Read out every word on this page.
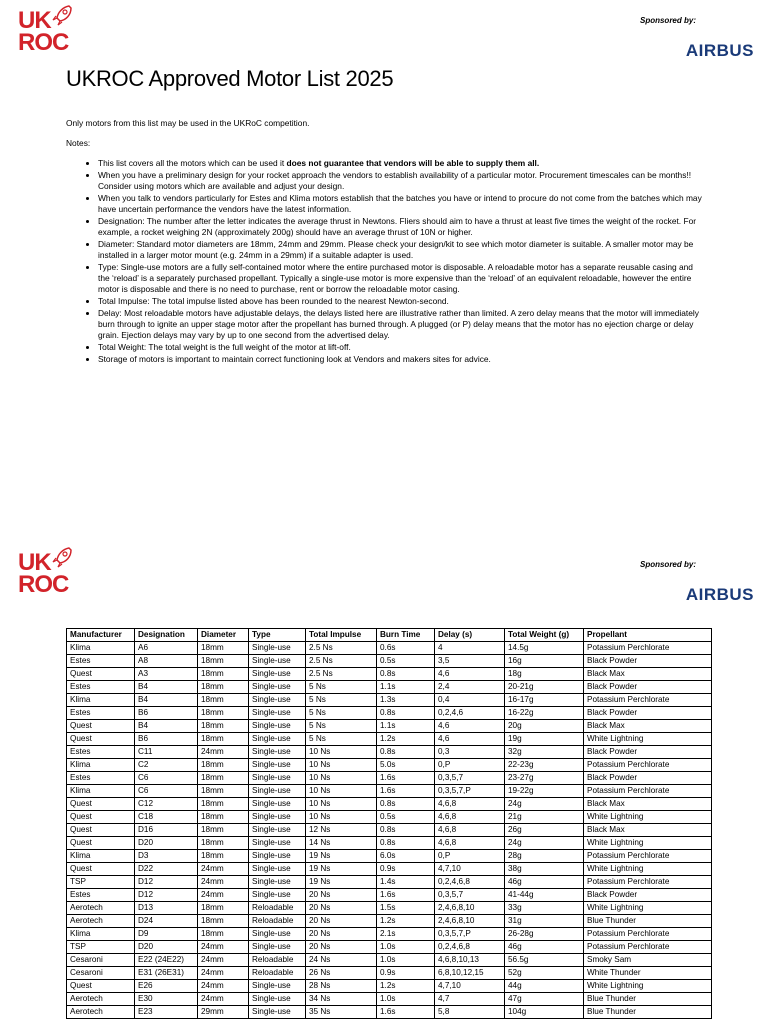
UK
ROC
Sponsored by:
AIRBUS
UKROC Approved Motor List 2025

Only motors from this list may be used in the UKRoC competition.

Notes:

• This list covers all the motors which can be used it does not guarantee that vendors will be able to supply them all.
• When you have a preliminary design for your rocket approach the vendors to establish availability of a particular motor. Procurement timescales can be months!! Consider using motors which are available and adjust your design.
• When you talk to vendors particularly for Estes and Klima motors establish that the batches you have or intend to procure do not come from the batches which may have uncertain performance the vendors have the latest information.
• Designation: The number after the letter indicates the average thrust in Newtons. Fliers should aim to have a thrust at least five times the weight of the rocket. For example, a rocket weighing 2N (approximately 200g) should have an average thrust of 10N or higher.
• Diameter: Standard motor diameters are 18mm, 24mm and 29mm. Please check your design/kit to see which motor diameter is suitable. A smaller motor may be installed in a larger motor mount (e.g. 24mm in a 29mm) if a suitable adapter is used.
• Type: Single-use motors are a fully self-contained motor where the entire purchased motor is disposable. A reloadable motor has a separate reusable casing and the ‘reload’ is a separately purchased propellant. Typically a single-use motor is more expensive than the ‘reload’ of an equivalent reloadable, however the entire motor is disposable and there is no need to purchase, rent or borrow the reloadable motor casing.
• Total Impulse: The total impulse listed above has been rounded to the nearest Newton-second.
• Delay: Most reloadable motors have adjustable delays, the delays listed here are illustrative rather than limited. A zero delay means that the motor will immediately burn through to ignite an upper stage motor after the propellant has burned through. A plugged (or P) delay means that the motor has no ejection charge or delay grain. Ejection delays may vary by up to one second from the advertised delay.
• Total Weight: The total weight is the full weight of the motor at lift-off.
• Storage of motors is important to maintain correct functioning look at Vendors and makers sites for advice.
UK
ROC
Sponsored by:
AIRBUS
Manufacturer	Designation	Diameter	Type	Total Impulse	Burn Time	Delay (s)	Total Weight (g)	Propellant
Klima	A6	18mm	Single-use	2.5 Ns	0.6s	4	14.5g	Potassium Perchlorate
Estes	A8	18mm	Single-use	2.5 Ns	0.5s	3,5	16g	Black Powder
Quest	A3	18mm	Single-use	2.5 Ns	0.8s	4,6	18g	Black Max
Estes	B4	18mm	Single-use	5 Ns	1.1s	2,4	20-21g	Black Powder
Klima	B4	18mm	Single-use	5 Ns	1.3s	0,4	16-17g	Potassium Perchlorate
Estes	B6	18mm	Single-use	5 Ns	0.8s	0,2,4,6	16-22g	Black Powder
Quest	B4	18mm	Single-use	5 Ns	1.1s	4,6	20g	Black Max
Quest	B6	18mm	Single-use	5 Ns	1.2s	4,6	19g	White Lightning
Estes	C11	24mm	Single-use	10 Ns	0.8s	0,3	32g	Black Powder
Klima	C2	18mm	Single-use	10 Ns	5.0s	0,P	22-23g	Potassium Perchlorate
Estes	C6	18mm	Single-use	10 Ns	1.6s	0,3,5,7	23-27g	Black Powder
Klima	C6	18mm	Single-use	10 Ns	1.6s	0,3,5,7,P	19-22g	Potassium Perchlorate
Quest	C12	18mm	Single-use	10 Ns	0.8s	4,6,8	24g	Black Max
Quest	C18	18mm	Single-use	10 Ns	0.5s	4,6,8	21g	White Lightning
Quest	D16	18mm	Single-use	12 Ns	0.8s	4,6,8	26g	Black Max
Quest	D20	18mm	Single-use	14 Ns	0.8s	4,6,8	24g	White Lightning
Klima	D3	18mm	Single-use	19 Ns	6.0s	0,P	28g	Potassium Perchlorate
Quest	D22	24mm	Single-use	19 Ns	0.9s	4,7,10	38g	White Lightning
TSP	D12	24mm	Single-use	19 Ns	1.4s	0,2,4,6,8	46g	Potassium Perchlorate
Estes	D12	24mm	Single-use	20 Ns	1.6s	0,3,5,7	41-44g	Black Powder
Aerotech	D13	18mm	Reloadable	20 Ns	1.5s	2,4,6,8,10	33g	White Lightning
Aerotech	D24	18mm	Reloadable	20 Ns	1.2s	2,4,6,8,10	31g	Blue Thunder
Klima	D9	18mm	Single-use	20 Ns	2.1s	0,3,5,7,P	26-28g	Potassium Perchlorate
TSP	D20	24mm	Single-use	20 Ns	1.0s	0,2,4,6,8	46g	Potassium Perchlorate
Cesaroni	E22 (24E22)	24mm	Reloadable	24 Ns	1.0s	4,6,8,10,13	56.5g	Smoky Sam
Cesaroni	E31 (26E31)	24mm	Reloadable	26 Ns	0.9s	6,8,10,12,15	52g	White Thunder
Quest	E26	24mm	Single-use	28 Ns	1.2s	4,7,10	44g	White Lightning
Aerotech	E30	24mm	Single-use	34 Ns	1.0s	4,7	47g	Blue Thunder
Aerotech	E23	29mm	Single-use	35 Ns	1.6s	5,8	104g	Blue Thunder
